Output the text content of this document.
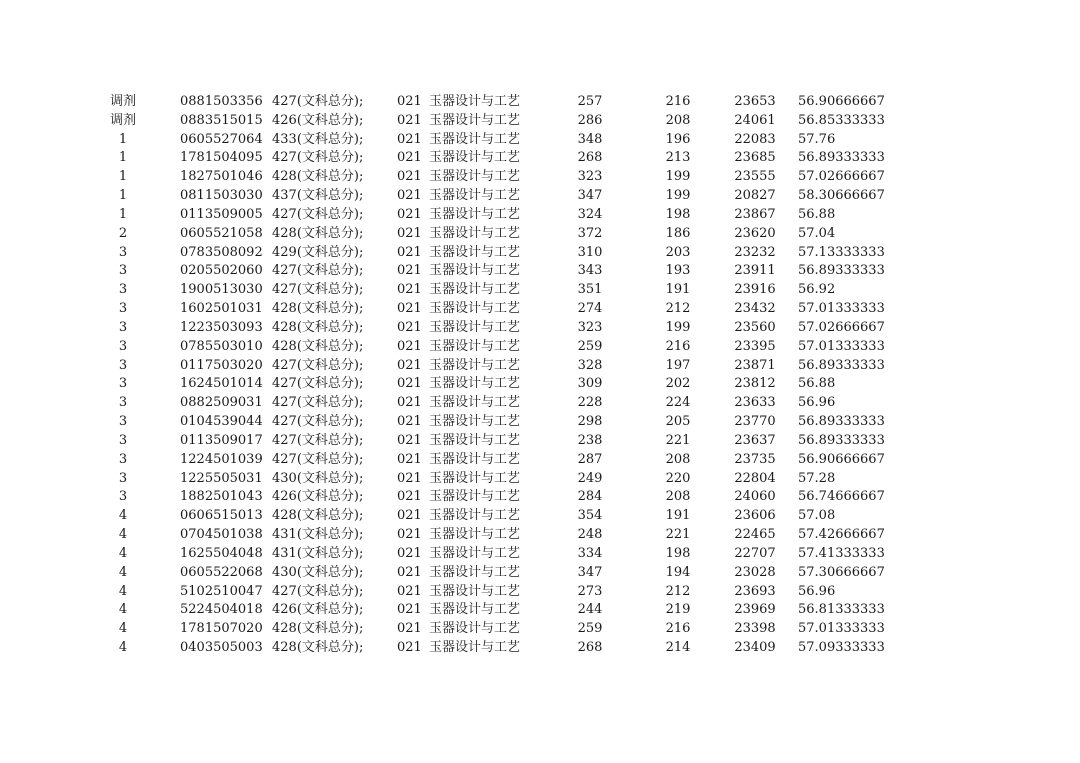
调剂	0881503356 427(文科总分);	021 玉器设计与工艺	257	216	23653	56.90666667
调剂	0883515015 426(文科总分);	021 玉器设计与工艺	286	208	24061	56.85333333
1	0605527064 433(文科总分);	021 玉器设计与工艺	348	196	22083	57.76
1	1781504095 427(文科总分);	021 玉器设计与工艺	268	213	23685	56.89333333
1	1827501046 428(文科总分);	021 玉器设计与工艺	323	199	23555	57.02666667
1	0811503030 437(文科总分);	021 玉器设计与工艺	347	199	20827	58.30666667
1	0113509005 427(文科总分);	021 玉器设计与工艺	324	198	23867	56.88
2	0605521058 428(文科总分);	021 玉器设计与工艺	372	186	23620	57.04
3	0783508092 429(文科总分);	021 玉器设计与工艺	310	203	23232	57.13333333
3	0205502060 427(文科总分);	021 玉器设计与工艺	343	193	23911	56.89333333
3	1900513030 427(文科总分);	021 玉器设计与工艺	351	191	23916	56.92
3	1602501031 428(文科总分);	021 玉器设计与工艺	274	212	23432	57.01333333
3	1223503093 428(文科总分);	021 玉器设计与工艺	323	199	23560	57.02666667
3	0785503010 428(文科总分);	021 玉器设计与工艺	259	216	23395	57.01333333
3	0117503020 427(文科总分);	021 玉器设计与工艺	328	197	23871	56.89333333
3	1624501014 427(文科总分);	021 玉器设计与工艺	309	202	23812	56.88
3	0882509031 427(文科总分);	021 玉器设计与工艺	228	224	23633	56.96
3	0104539044 427(文科总分);	021 玉器设计与工艺	298	205	23770	56.89333333
3	0113509017 427(文科总分);	021 玉器设计与工艺	238	221	23637	56.89333333
3	1224501039 427(文科总分);	021 玉器设计与工艺	287	208	23735	56.90666667
3	1225505031 430(文科总分);	021 玉器设计与工艺	249	220	22804	57.28
3	1882501043 426(文科总分);	021 玉器设计与工艺	284	208	24060	56.74666667
4	0606515013 428(文科总分);	021 玉器设计与工艺	354	191	23606	57.08
4	0704501038 431(文科总分);	021 玉器设计与工艺	248	221	22465	57.42666667
4	1625504048 431(文科总分);	021 玉器设计与工艺	334	198	22707	57.41333333
4	0605522068 430(文科总分);	021 玉器设计与工艺	347	194	23028	57.30666667
4	5102510047 427(文科总分);	021 玉器设计与工艺	273	212	23693	56.96
4	5224504018 426(文科总分);	021 玉器设计与工艺	244	219	23969	56.81333333
4	1781507020 428(文科总分);	021 玉器设计与工艺	259	216	23398	57.01333333
4	0403505003 428(文科总分);	021 玉器设计与工艺	268	214	23409	57.09333333
